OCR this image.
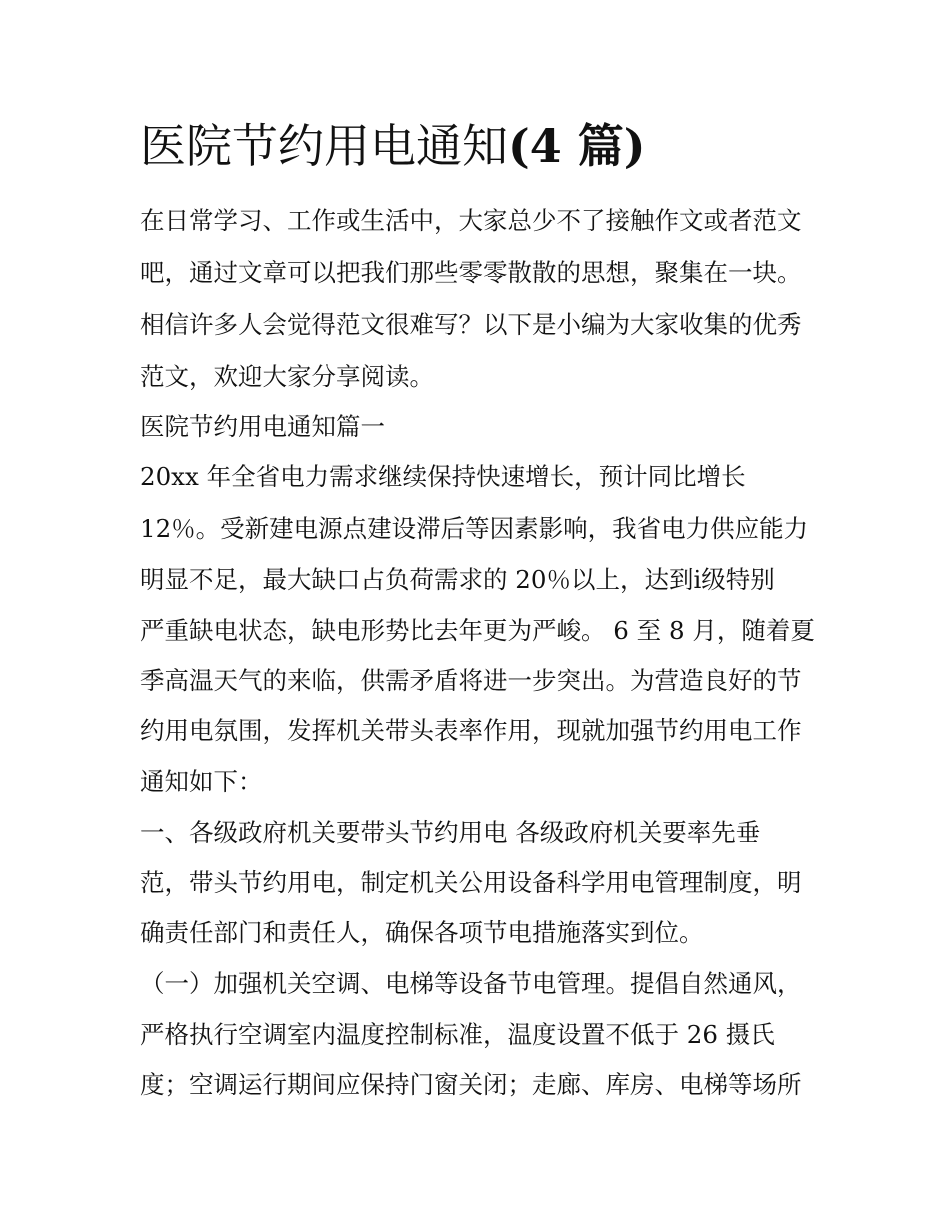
医院节约用电通知(4 篇)

在日常学习、工作或生活中，大家总少不了接触作文或者范文

吧，通过文章可以把我们那些零零散散的思想，聚集在一块。

相信许多人会觉得范文很难写？以下是小编为大家收集的优秀

范文，欢迎大家分享阅读。

医院节约用电通知篇一

20xx 年全省电力需求继续保持快速增长，预计同比增长

12％。受新建电源点建设滞后等因素影响，我省电力供应能力

明显不足，最大缺口占负荷需求的 20％以上，达到ⅰ级特别

严重缺电状态，缺电形势比去年更为严峻。 6 至 8 月，随着夏

季高温天气的来临，供需矛盾将进一步突出。为营造良好的节

约用电氛围，发挥机关带头表率作用，现就加强节约用电工作

通知如下：

一、各级政府机关要带头节约用电 各级政府机关要率先垂

范，带头节约用电，制定机关公用设备科学用电管理制度，明

确责任部门和责任人，确保各项节电措施落实到位。

（一）加强机关空调、电梯等设备节电管理。提倡自然通风，

严格执行空调室内温度控制标准，温度设置不低于 26 摄氏

度；空调运行期间应保持门窗关闭；走廊、库房、电梯等场所
